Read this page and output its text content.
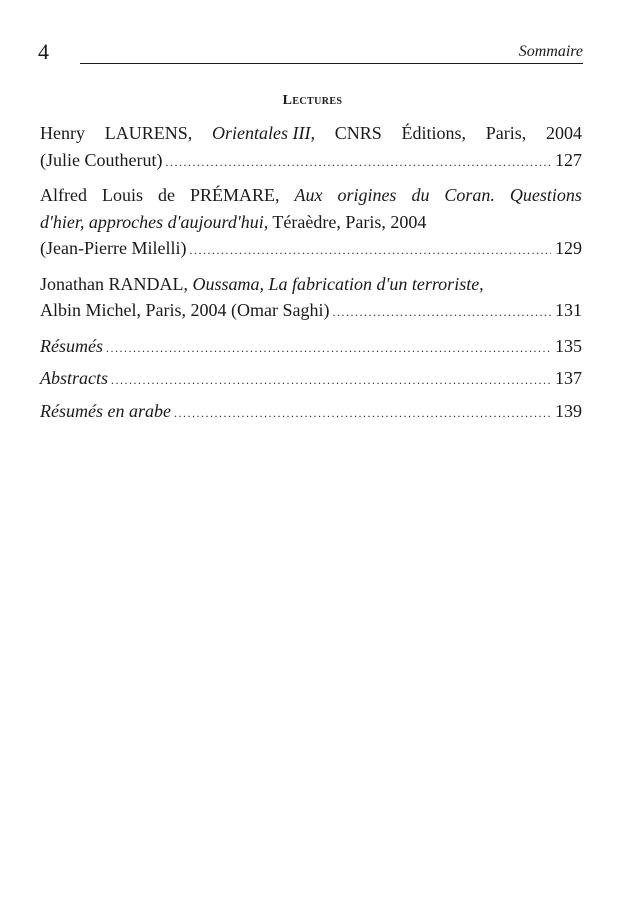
4	Sommaire
Lectures
Henry LAURENS, Orientales III, CNRS Éditions, Paris, 2004
(Julie Coutherut) .....	127
Alfred Louis de PRÉMARE, Aux origines du Coran. Questions
d'hier, approches d'aujourd'hui, Téraèdre, Paris, 2004
(Jean-Pierre Milelli) .....	129
Jonathan RANDAL, Oussama, La fabrication d'un terroriste,
Albin Michel, Paris, 2004 (Omar Saghi) .....	131
Résumés .....	135
Abstracts .....	137
Résumés en arabe .....	139
